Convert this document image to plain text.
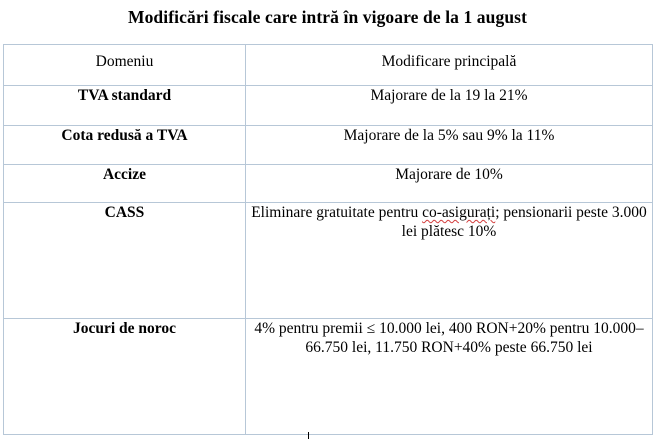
Modificări fiscale care intră în vigoare de la 1 august
Domeniu	Modificare principală
TVA standard	Majorare de la 19 la 21%
Cota redusă a TVA	Majorare de la 5% sau 9% la 11%
Accize	Majorare de 10%
CASS	Eliminare gratuitate pentru co-asigurați; pensionarii peste 3.000 lei plătesc 10%
Jocuri de noroc	4% pentru premii ≤ 10.000 lei, 400 RON+20% pentru 10.000–66.750 lei, 11.750 RON+40% peste 66.750 lei
